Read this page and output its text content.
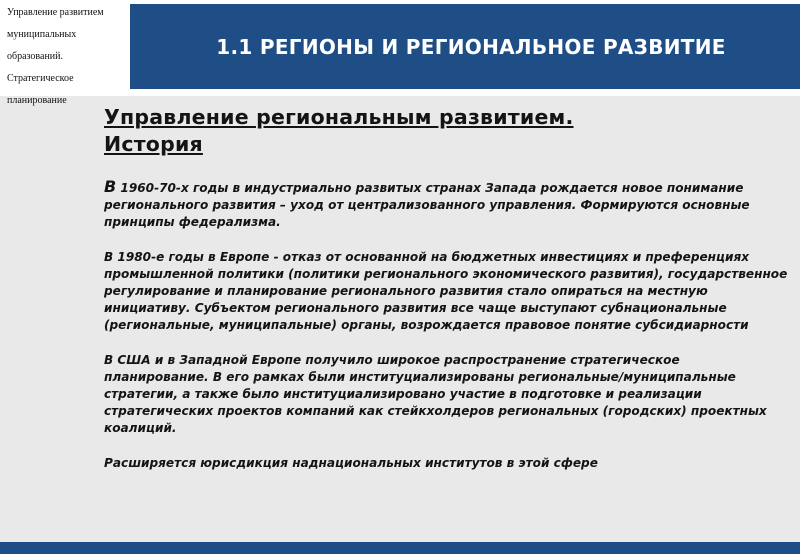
Управление развитием
муниципальных
образований.
Стратегическое
планирование
1.1 РЕГИОНЫ И РЕГИОНАЛЬНОЕ РАЗВИТИЕ
Управление региональным развитием.
История

В 1960-70-х годы в индустриально развитых странах Запада рождается новое понимание регионального развития – уход от централизованного управления. Формируются основные принципы федерализма.

В 1980-е годы в Европе - отказ от основанной на бюджетных инвестициях и преференциях промышленной политики (политики регионального экономического развития), государственное регулирование и планирование регионального развития стало опираться на местную инициативу. Субъектом регионального развития все чаще выступают субнациональные (региональные, муниципальные) органы, возрождается правовое понятие субсидиарности

В США и в Западной Европе получило широкое распространение стратегическое планирование. В его рамках были институциализированы региональные/муниципальные стратегии, а также было институциализировано участие в подготовке и реализации стратегических проектов компаний как стейкхолдеров региональных (городских) проектных коалиций.

Расширяется юрисдикция наднациональных институтов в этой сфере
